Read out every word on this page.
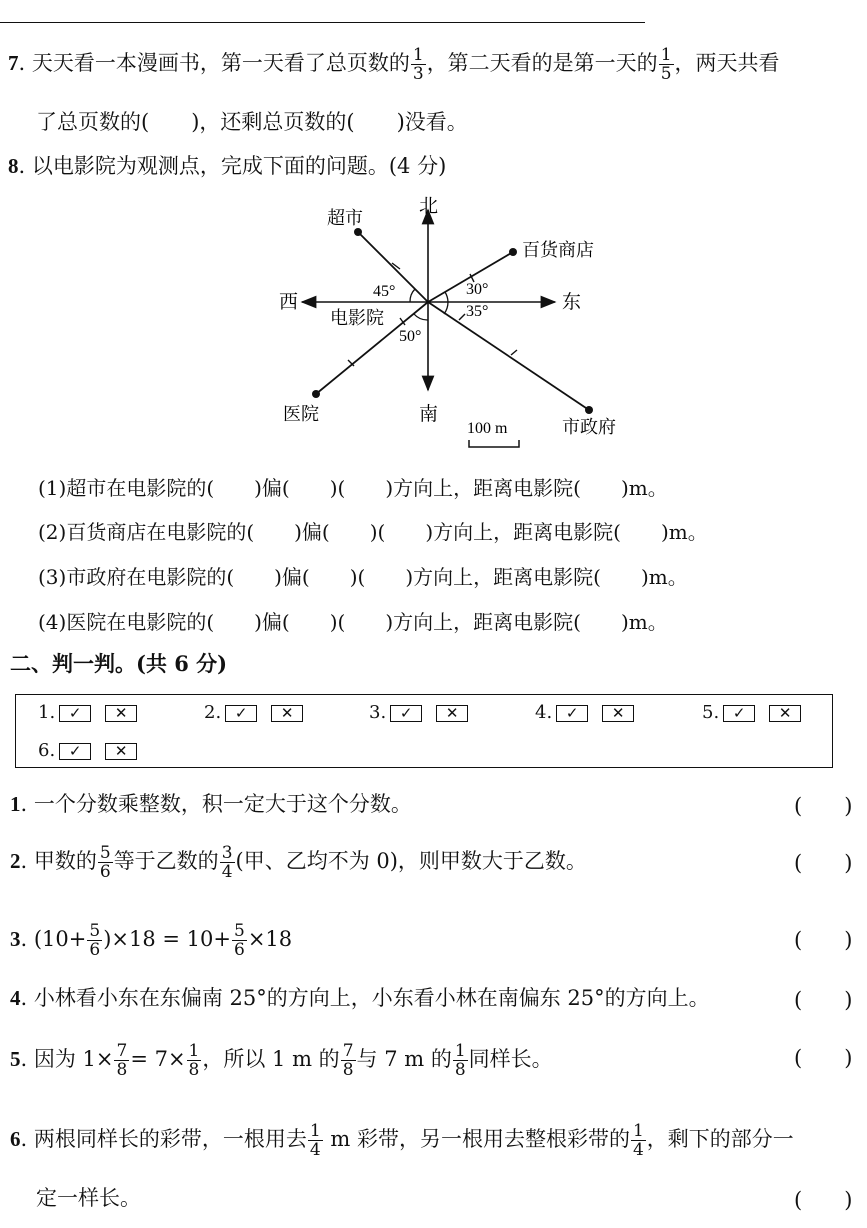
7. 天天看一本漫画书，第一天看了总页数的 $\frac{1}{3}$ ，第二天看的是第一天的 $\frac{1}{5}$ ，两天共看
了总页数的(　　)，还剩总页数的(　　)没看。
8. 以电影院为观测点，完成下面的问题。(4 分)
北
南
东
西
电影院
超市
百货商店
市政府
医院
45°	30°
35°
50°
100 m
(1)超市在电影院的(　　)偏(　　)(　　)方向上，距离电影院(　　)m。
(2)百货商店在电影院的(　　)偏(　　)(　　)方向上，距离电影院(　　)m。
(3)市政府在电影院的(　　)偏(　　)(　　)方向上，距离电影院(　　)m。
(4)医院在电影院的(　　)偏(　　)(　　)方向上，距离电影院(　　)m。
二、判一判。(共 6 分)
1. ✓ ✕	2. ✓ ✕	3. ✓ ✕	4. ✓ ✕	5. ✓ ✕
6. ✓ ✕
1. 一个分数乘整数，积一定大于这个分数。	(　　)
2. 甲数的 $\frac{5}{6}$ 等于乙数的 $\frac{3}{4}$ (甲、乙均不为 0)，则甲数大于乙数。	(　　)
3. $(10+ \frac{5}{6} )\times 18 = 10+ \frac{5}{6} \times 18$	(　　)
4. 小林看小东在东偏南 25°的方向上，小东看小林在南偏东 25°的方向上。	(　　)
5. 因为 $1\times \frac{7}{8} = 7\times \frac{1}{8}$ ，所以 1 m 的 $\frac{7}{8}$ 与 7 m 的 $\frac{1}{8}$ 同样长。	(　　)
6. 两根同样长的彩带，一根用去 $\frac{1}{4}$ m 彩带，另一根用去整根彩带的 $\frac{1}{4}$ ，剩下的部分一
定一样长。	(　　)
